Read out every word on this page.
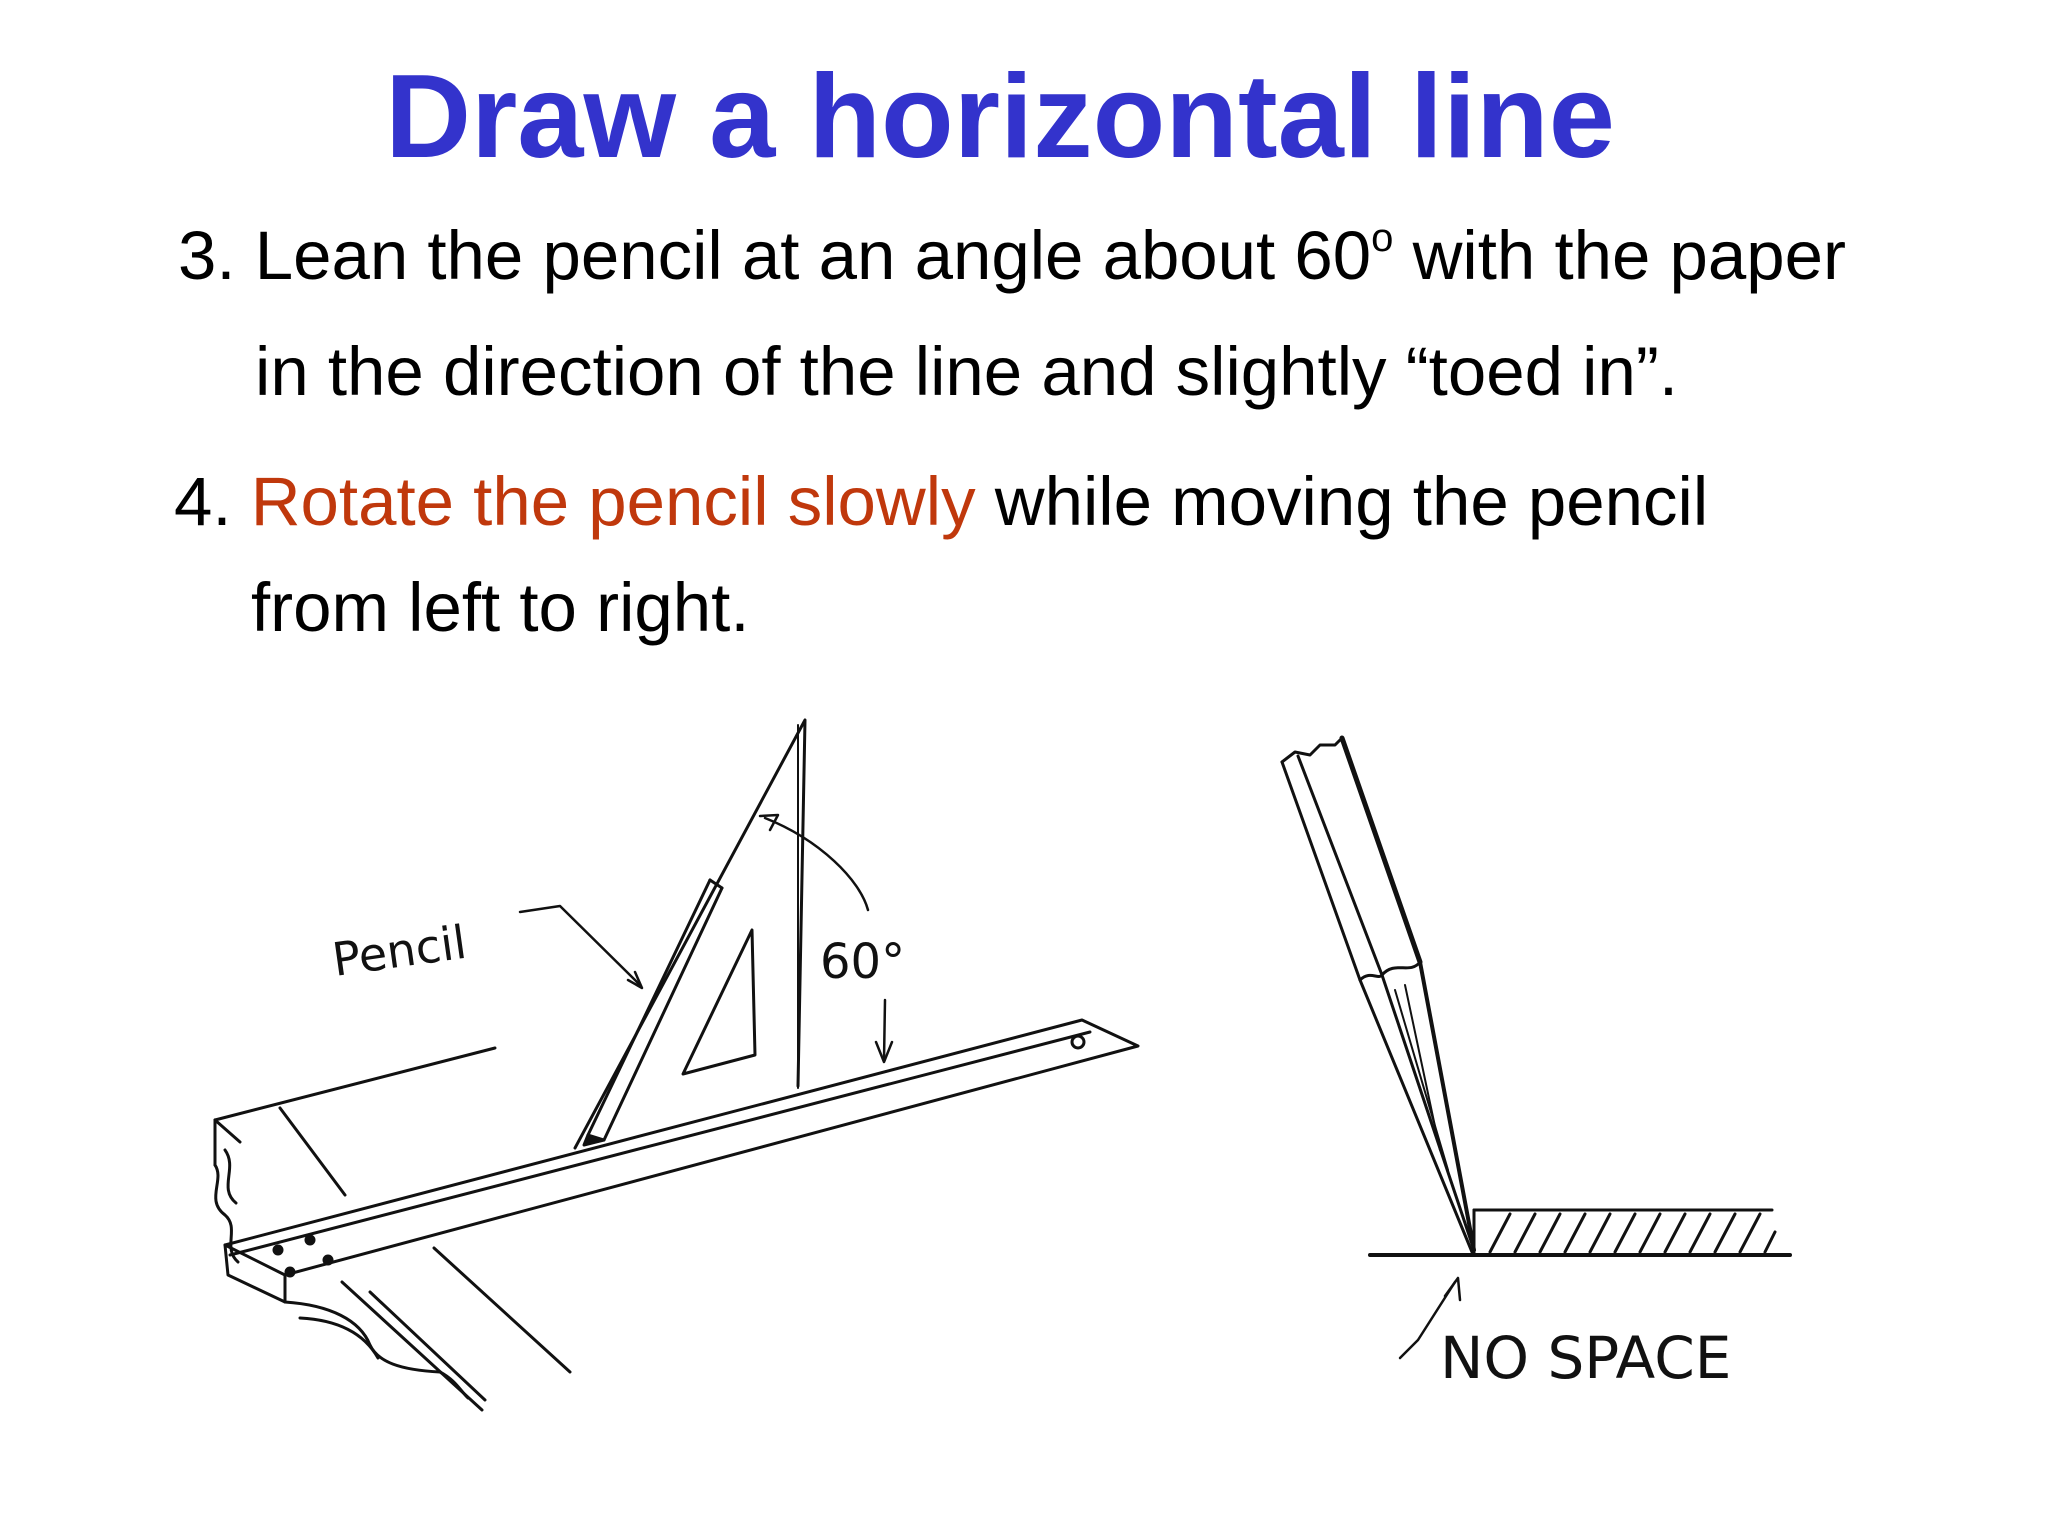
Draw a horizontal line
3. Lean the pencil at an angle about 60$^o$ with the paper
in the direction of the line and slightly “toed in”.
4. Rotate the pencil slowly while moving the pencil
from left to right.
Pencil	60°
NO SPACE
